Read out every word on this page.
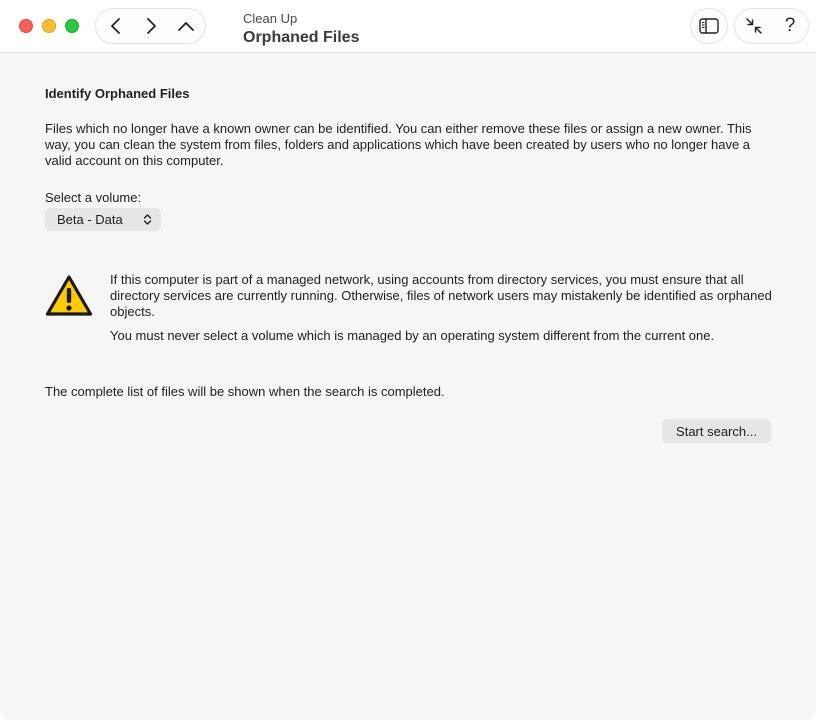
Clean Up
Orphaned Files
?
Identify Orphaned Files
Files which no longer have a known owner can be identified. You can either remove these files or assign a new owner. This way, you can clean the system from files, folders and applications which have been created by users who no longer have a valid account on this computer.
Select a volume:
Beta - Data

If this computer is part of a managed network, using accounts from directory services, you must ensure that all directory services are currently running. Otherwise, files of network users may mistakenly be identified as orphaned objects.

You must never select a volume which is managed by an operating system different from the current one.

The complete list of files will be shown when the search is completed.
Start search...
